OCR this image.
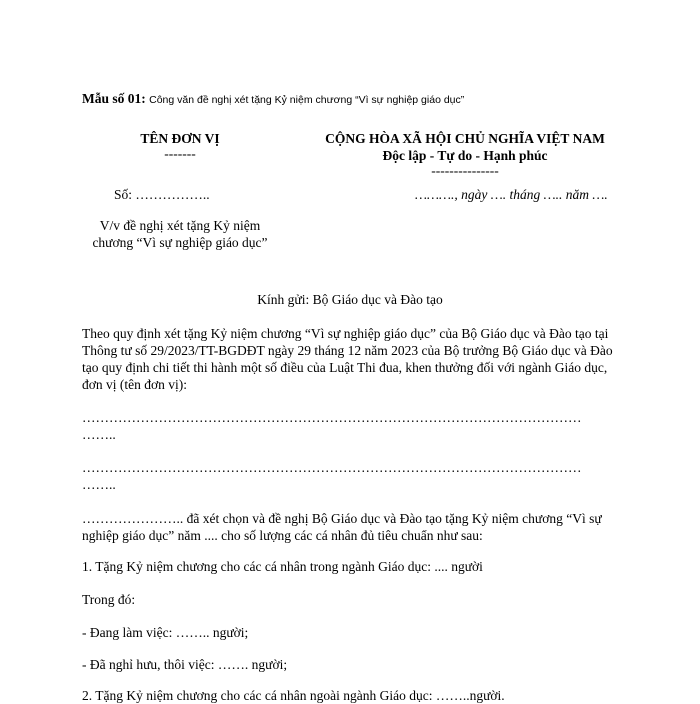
Mẫu số 01: Công văn đề nghị xét tặng Kỷ niệm chương “Vì sự nghiệp giáo dục”
TÊN ĐƠN VỊ
-------
Số: ……………..
V/v đề nghị xét tặng Kỷ niệm
chương “Vì sự nghiệp giáo dục”
CỘNG HÒA XÃ HỘI CHỦ NGHĨA VIỆT NAM
Độc lập - Tự do - Hạnh phúc
---------------
………., ngày …. tháng ….. năm ….
Kính gửi: Bộ Giáo dục và Đào tạo
Theo quy định xét tặng Kỷ niệm chương “Vì sự nghiệp giáo dục” của Bộ Giáo dục và Đào tạo tại Thông tư số 29/2023/TT-BGDĐT ngày 29 tháng 12 năm 2023 của Bộ trưởng Bộ Giáo dục và Đào tạo quy định chi tiết thi hành một số điều của Luật Thi đua, khen thưởng đối với ngành Giáo dục, đơn vị (tên đơn vị):
…………………………………………………………………………………………………
……..
…………………………………………………………………………………………………
……..
………………….. đã xét chọn và đề nghị Bộ Giáo dục và Đào tạo tặng Kỷ niệm chương “Vì sự nghiệp giáo dục” năm .... cho số lượng các cá nhân đủ tiêu chuẩn như sau:
1. Tặng Kỷ niệm chương cho các cá nhân trong ngành Giáo dục: .... người
Trong đó:
- Đang làm việc: …….. người;
- Đã nghỉ hưu, thôi việc: ……. người;
2. Tặng Kỷ niệm chương cho các cá nhân ngoài ngành Giáo dục: ……..người.
